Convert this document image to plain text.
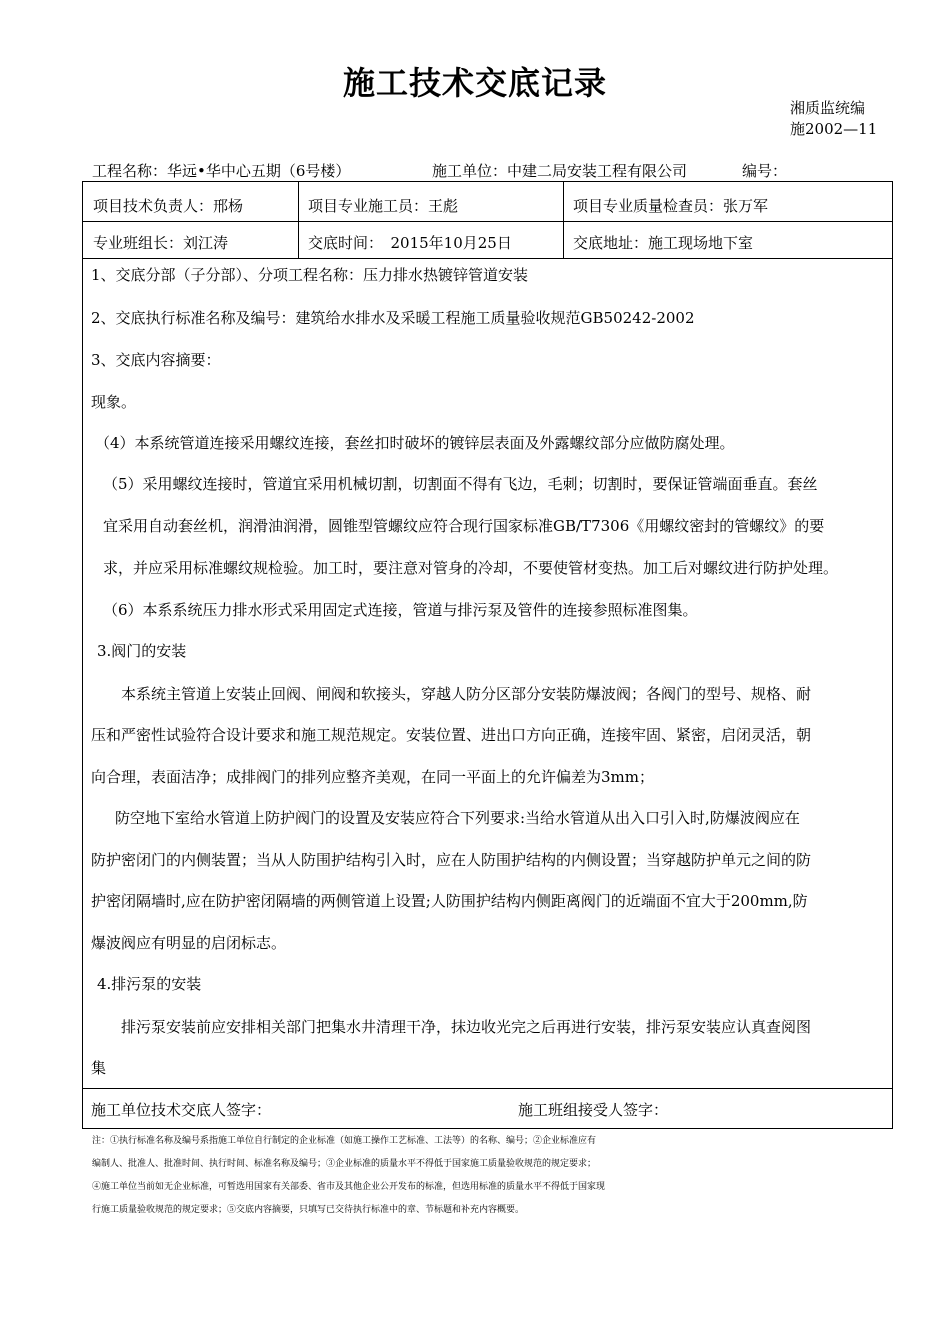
施工技术交底记录
湘质监统编
施2002—11
工程名称：华远•华中心五期（6号楼）	施工单位：中建二局安装工程有限公司	编号：
项目技术负责人：邢杨	项目专业施工员：王彪	项目专业质量检查员：张万军
专业班组长：刘江涛	交底时间：　2015年10月25日	交底地址：施工现场地下室
1、交底分部（子分部）、分项工程名称：压力排水热镀锌管道安装
2、交底执行标准名称及编号：建筑给水排水及采暖工程施工质量验收规范GB50242-2002
3、交底内容摘要：
现象。
（4）本系统管道连接采用螺纹连接，套丝扣时破坏的镀锌层表面及外露螺纹部分应做防腐处理。
（5）采用螺纹连接时，管道宜采用机械切割，切割面不得有飞边，毛刺；切割时，要保证管端面垂直。套丝
宜采用自动套丝机，润滑油润滑，圆锥型管螺纹应符合现行国家标准GB/T7306《用螺纹密封的管螺纹》的要
求，并应采用标准螺纹规检验。加工时，要注意对管身的冷却，不要使管材变热。加工后对螺纹进行防护处理。
（6）本系系统压力排水形式采用固定式连接，管道与排污泵及管件的连接参照标准图集。
3.阀门的安装
本系统主管道上安装止回阀、闸阀和软接头，穿越人防分区部分安装防爆波阀；各阀门的型号、规格、耐
压和严密性试验符合设计要求和施工规范规定。安装位置、进出口方向正确，连接牢固、紧密，启闭灵活，朝
向合理，表面洁净；成排阀门的排列应整齐美观，在同一平面上的允许偏差为3mm；
防空地下室给水管道上防护阀门的设置及安装应符合下列要求:当给水管道从出入口引入时,防爆波阀应在
防护密闭门的内侧装置；当从人防围护结构引入时，应在人防围护结构的内侧设置；当穿越防护单元之间的防
护密闭隔墙时,应在防护密闭隔墙的两侧管道上设置;人防围护结构内侧距离阀门的近端面不宜大于200mm,防
爆波阀应有明显的启闭标志。
4.排污泵的安装
排污泵安装前应安排相关部门把集水井清理干净，抹边收光完之后再进行安装，排污泵安装应认真查阅图
集
施工单位技术交底人签字：	施工班组接受人签字：
注：①执行标准名称及编号系指施工单位自行制定的企业标准（如施工操作工艺标准、工法等）的名称、编号；②企业标准应有
编制人、批准人、批准时间、执行时间、标准名称及编号；③企业标准的质量水平不得低于国家施工质量验收规范的规定要求；
④施工单位当前如无企业标准，可暂选用国家有关部委、省市及其他企业公开发布的标准，但选用标准的质量水平不得低于国家现
行施工质量验收规范的规定要求；⑤交底内容摘要，只填写已交待执行标准中的章、节标题和补充内容概要。
